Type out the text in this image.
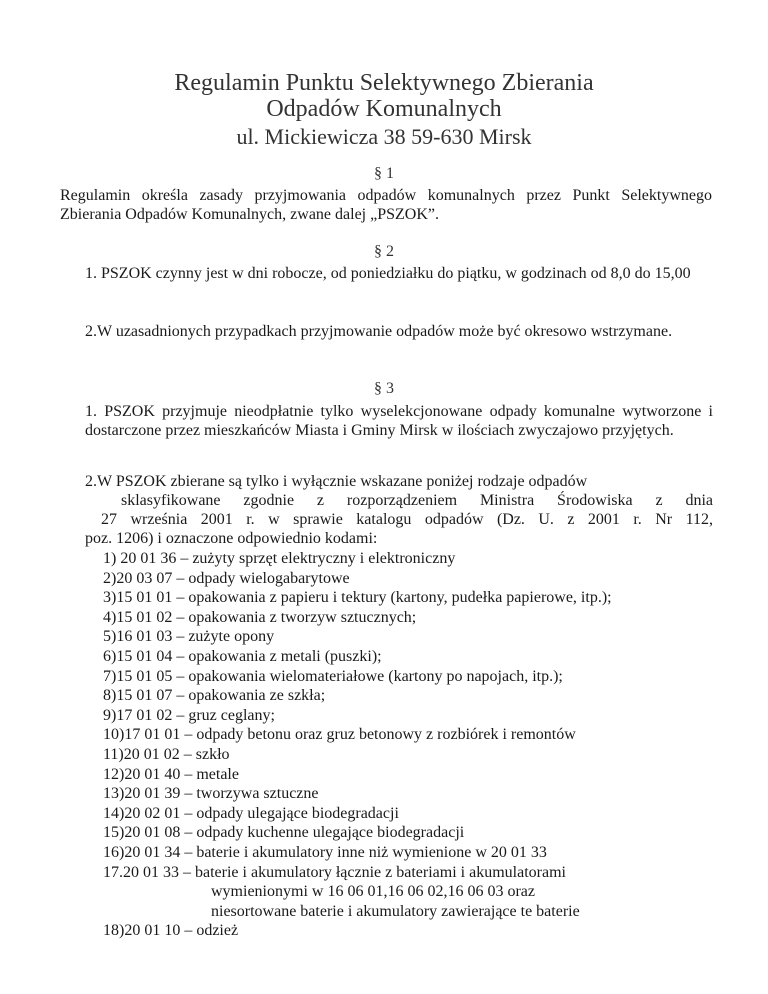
Regulamin Punktu Selektywnego Zbierania
Odpadów Komunalnych
ul. Mickiewicza 38 59-630 Mirsk
§ 1
Regulamin określa zasady przyjmowania odpadów komunalnych przez Punkt Selektywnego Zbierania Odpadów Komunalnych, zwane dalej „PSZOK”.
§ 2
1. PSZOK czynny jest w dni robocze, od poniedziałku do piątku, w godzinach od 8,0 do 15,00
2.W uzasadnionych przypadkach przyjmowanie odpadów może być okresowo wstrzymane.
§ 3
1. PSZOK przyjmuje nieodpłatnie tylko wyselekcjonowane odpady komunalne wytworzone i dostarczone przez mieszkańców Miasta i Gminy Mirsk w ilościach zwyczajowo przyjętych.
2.W PSZOK zbierane są tylko i wyłącznie wskazane poniżej rodzaje odpadów
sklasyfikowane zgodnie z rozporządzeniem Ministra Środowiska z dnia
27 września 2001 r. w sprawie katalogu odpadów (Dz. U. z 2001 r. Nr 112,
poz. 1206) i oznaczone odpowiednio kodami:
1) 20 01 36 – zużyty sprzęt elektryczny i elektroniczny
2)20 03 07 – odpady wielogabarytowe
3)15 01 01 – opakowania z papieru i tektury (kartony, pudełka papierowe, itp.);
4)15 01 02 – opakowania z tworzyw sztucznych;
5)16 01 03 – zużyte opony
6)15 01 04 – opakowania z metali (puszki);
7)15 01 05 – opakowania wielomateriałowe (kartony po napojach, itp.);
8)15 01 07 – opakowania ze szkła;
9)17 01 02 – gruz ceglany;
10)17 01 01 – odpady betonu oraz gruz betonowy z rozbiórek i remontów
11)20 01 02 – szkło
12)20 01 40 – metale
13)20 01 39 – tworzywa sztuczne
14)20 02 01 – odpady ulegające biodegradacji
15)20 01 08 – odpady kuchenne ulegające biodegradacji
16)20 01 34 – baterie i akumulatory inne niż wymienione w 20 01 33
17.20 01 33 – baterie i akumulatory łącznie z bateriami i akumulatorami
wymienionymi w 16 06 01,16 06 02,16 06 03 oraz
niesortowane baterie i akumulatory zawierające te baterie
18)20 01 10 – odzież
